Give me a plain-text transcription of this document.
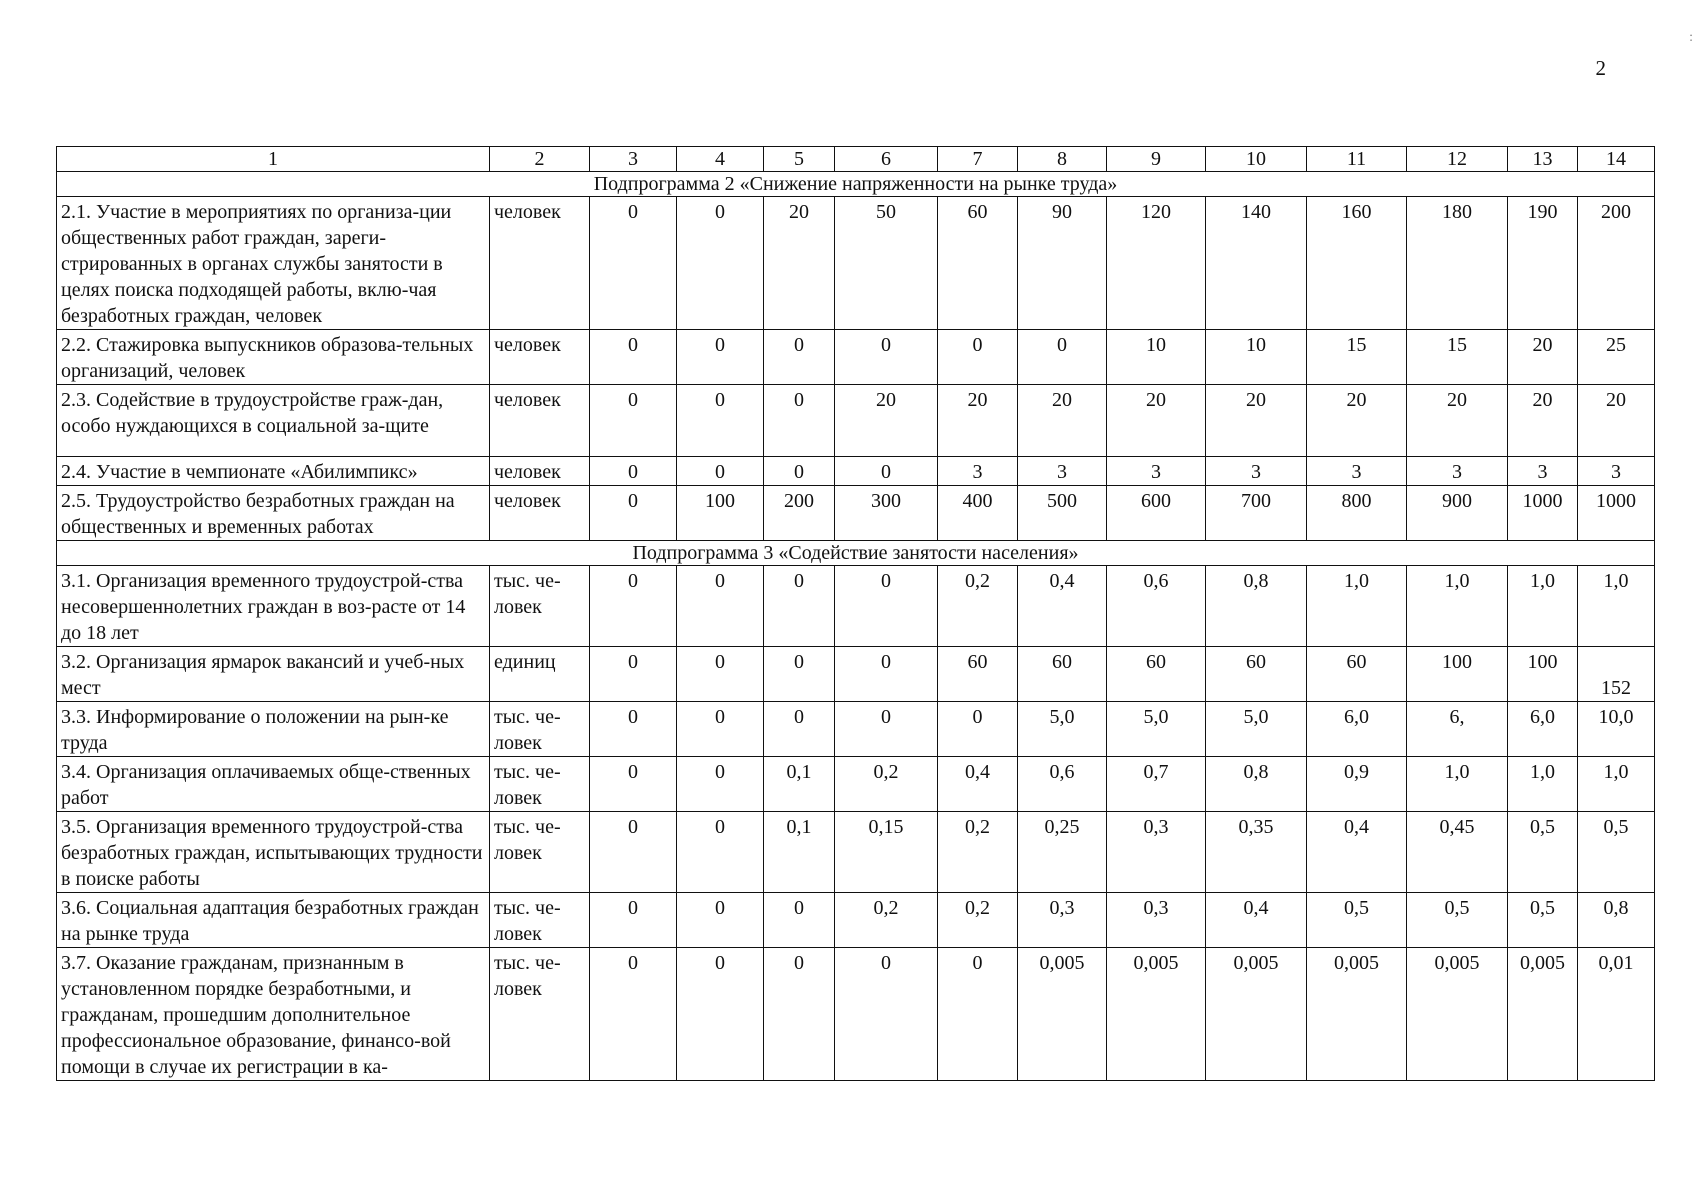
2
:
1	2	3	4	5	6	7	8	9	10	11	12	13	14
Подпрограмма 2 «Снижение напряженности на рынке труда»													
2.1. Участие в мероприятиях по организа-ции общественных работ граждан, зареги-стрированных в органах службы занятости в целях поиска подходящей работы, вклю-чая безработных граждан, человек	человек	0	0	20	50	60	90	120	140	160	180	190	200
2.2. Стажировка выпускников образова-тельных организаций, человек	человек	0	0	0	0	0	0	10	10	15	15	20	25
2.3. Содействие в трудоустройстве граж-дан, особо нуждающихся в социальной за-щите	человек	0	0	0	20	20	20	20	20	20	20	20	20
2.4. Участие в чемпионате «Абилимпикс»	человек	0	0	0	0	3	3	3	3	3	3	3	3
2.5. Трудоустройство безработных граждан на общественных и временных работах	человек	0	100	200	300	400	500	600	700	800	900	1000	1000
Подпрограмма 3 «Содействие занятости населения»													
3.1. Организация временного трудоустрой-ства несовершеннолетних граждан в воз-расте от 14 до 18 лет	тыс. че-ловек	0	0	0	0	0,2	0,4	0,6	0,8	1,0	1,0	1,0	1,0
3.2. Организация ярмарок вакансий и учеб-ных мест	единиц	0	0	0	0	60	60	60	60	60	100	100	152
3.3. Информирование о положении на рын-ке труда	тыс. че-ловек	0	0	0	0	0	5,0	5,0	5,0	6,0	6,	6,0	10,0
3.4. Организация оплачиваемых обще-ственных работ	тыс. че-ловек	0	0	0,1	0,2	0,4	0,6	0,7	0,8	0,9	1,0	1,0	1,0
3.5. Организация временного трудоустрой-ства безработных граждан, испытывающих трудности в поиске работы	тыс. че-ловек	0	0	0,1	0,15	0,2	0,25	0,3	0,35	0,4	0,45	0,5	0,5
3.6. Социальная адаптация безработных граждан на рынке труда	тыс. че-ловек	0	0	0	0,2	0,2	0,3	0,3	0,4	0,5	0,5	0,5	0,8
3.7. Оказание гражданам, признанным в установленном порядке безработными, и гражданам, прошедшим дополнительное профессиональное образование, финансо-вой помощи в случае их регистрации в ка-	тыс. че-ловек	0	0	0	0	0	0,005	0,005	0,005	0,005	0,005	0,005	0,01
